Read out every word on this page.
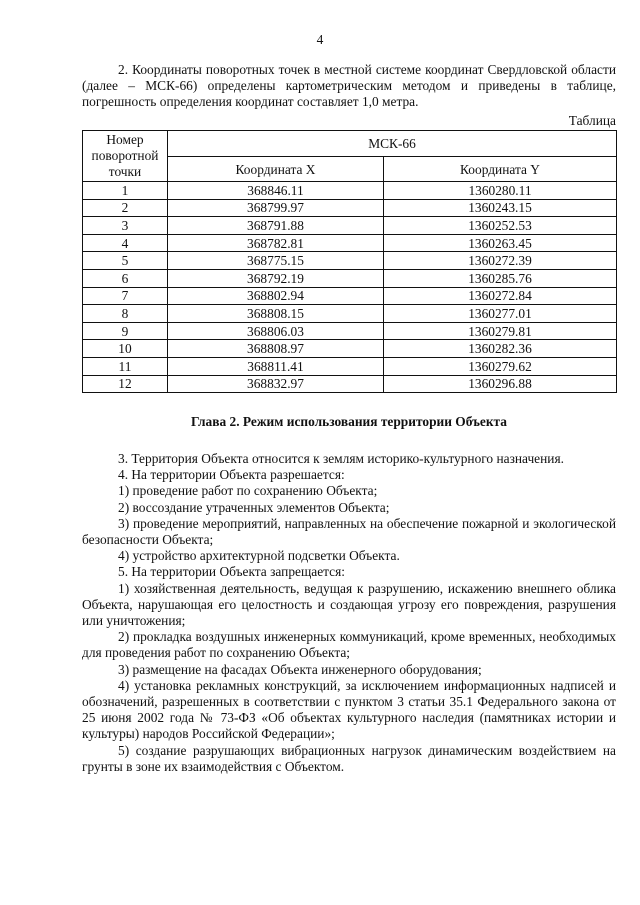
4

2. Координаты поворотных точек в местной системе координат Свердловской области (далее – МСК-66) определены картометрическим методом и приведены в таблице, погрешность определения координат составляет 1,0 метра.

Таблица
Номер поворотной точки	МСК-66	
	Координата X	Координата Y
1	368846.11	1360280.11
2	368799.97	1360243.15
3	368791.88	1360252.53
4	368782.81	1360263.45
5	368775.15	1360272.39
6	368792.19	1360285.76
7	368802.94	1360272.84
8	368808.15	1360277.01
9	368806.03	1360279.81
10	368808.97	1360282.36
11	368811.41	1360279.62
12	368832.97	1360296.88
Глава 2. Режим использования территории Объекта

3. Территория Объекта относится к землям историко-культурного назначения.

4. На территории Объекта разрешается:

1) проведение работ по сохранению Объекта;

2) воссоздание утраченных элементов Объекта;

3) проведение мероприятий, направленных на обеспечение пожарной и экологической безопасности Объекта;

4) устройство архитектурной подсветки Объекта.

5. На территории Объекта запрещается:

1) хозяйственная деятельность, ведущая к разрушению, искажению внешнего облика Объекта, нарушающая его целостность и создающая угрозу его повреждения, разрушения или уничтожения;

2) прокладка воздушных инженерных коммуникаций, кроме временных, необходимых для проведения работ по сохранению Объекта;

3) размещение на фасадах Объекта инженерного оборудования;

4) установка рекламных конструкций, за исключением информационных надписей и обозначений, разрешенных в соответствии с пунктом 3 статьи 35.1 Федерального закона от 25 июня 2002 года № 73-ФЗ «Об объектах культурного наследия (памятниках истории и культуры) народов Российской Федерации»;

5) создание разрушающих вибрационных нагрузок динамическим воздействием на грунты в зоне их взаимодействия с Объектом.
